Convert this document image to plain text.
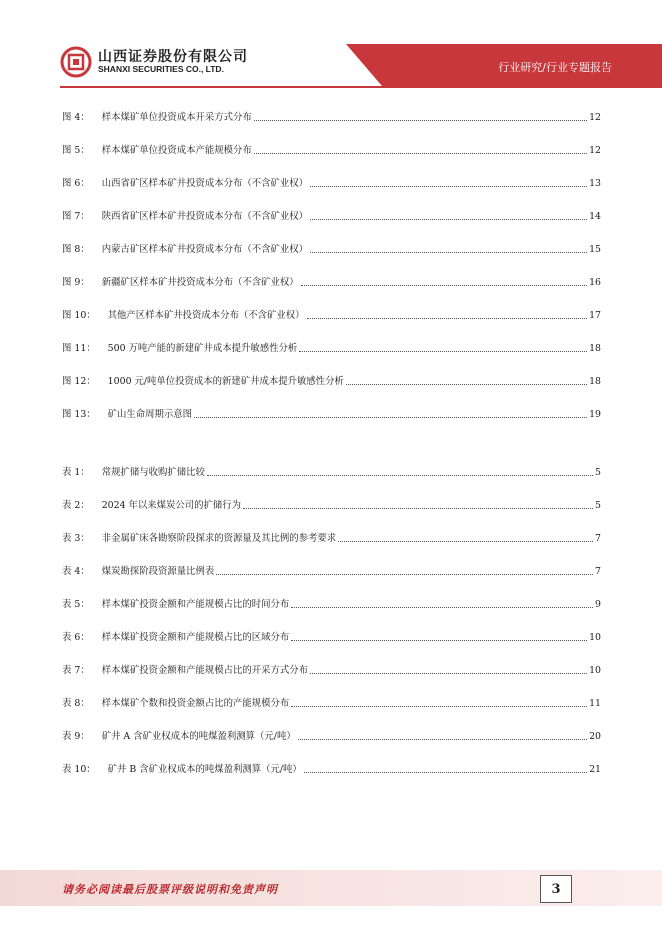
山西证券股份有限公司
SHANXI SECURITIES CO., LTD.	行业研究/行业专题报告
图 4： 样本煤矿单位投资成本开采方式分布	12
图 5： 样本煤矿单位投资成本产能规模分布	12
图 6： 山西省矿区样本矿井投资成本分布（不含矿业权）	13
图 7： 陕西省矿区样本矿井投资成本分布（不含矿业权）	14
图 8： 内蒙古矿区样本矿井投资成本分布（不含矿业权）	15
图 9： 新疆矿区样本矿井投资成本分布（不含矿业权）	16
图 10： 其他产区样本矿井投资成本分布（不含矿业权）	17
图 11： 500 万吨产能的新建矿井成本提升敏感性分析	18
图 12： 1000 元/吨单位投资成本的新建矿井成本提升敏感性分析	18
图 13： 矿山生命周期示意图	19
表 1： 常规扩储与收购扩储比较	5
表 2： 2024 年以来煤炭公司的扩储行为	5
表 3： 非金属矿床各勘察阶段探求的资源量及其比例的参考要求	7
表 4： 煤炭勘探阶段资源量比例表	7
表 5： 样本煤矿投资金额和产能规模占比的时间分布	9
表 6： 样本煤矿投资金额和产能规模占比的区域分布	10
表 7： 样本煤矿投资金额和产能规模占比的开采方式分布	10
表 8： 样本煤矿个数和投资金额占比的产能规模分布	11
表 9： 矿井 A 含矿业权成本的吨煤盈利测算（元/吨）	20
表 10： 矿井 B 含矿业权成本的吨煤盈利测算（元/吨）	21
请务必阅读最后股票评级说明和免责声明	3
